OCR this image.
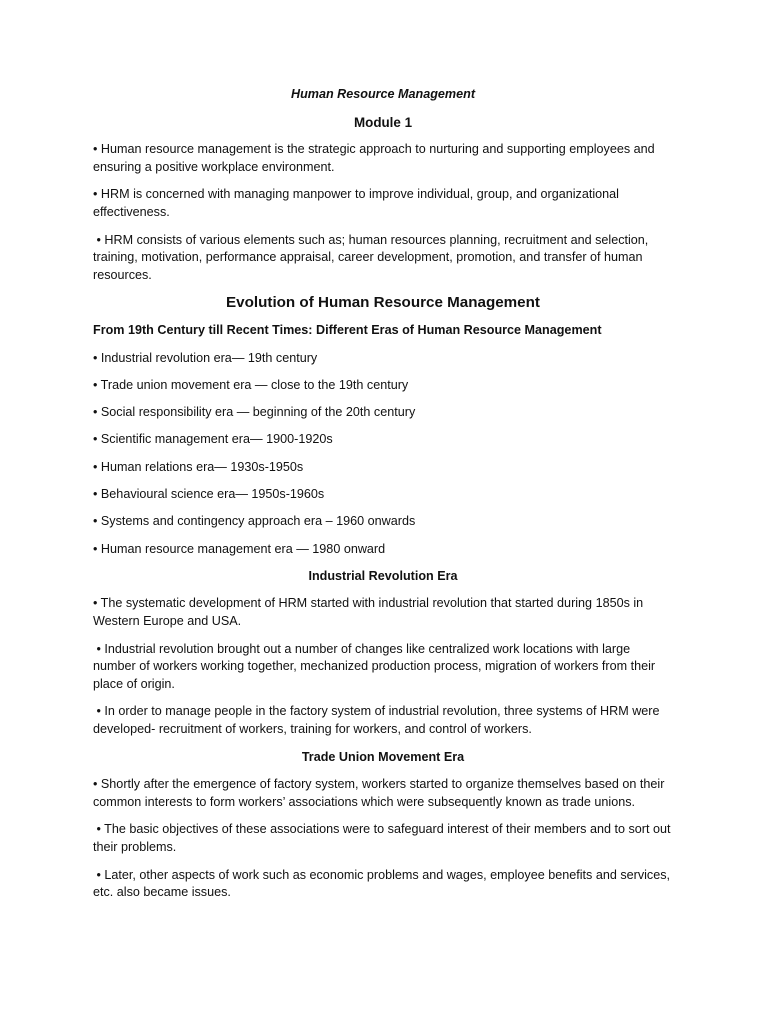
Human Resource Management
Module 1
• Human resource management is the strategic approach to nurturing and supporting employees and ensuring a positive workplace environment.
• HRM is concerned with managing manpower to improve individual, group, and organizational effectiveness.
• HRM consists of various elements such as; human resources planning, recruitment and selection, training, motivation, performance appraisal, career development, promotion, and transfer of human resources.
Evolution of Human Resource Management
From 19th Century till Recent Times: Different Eras of Human Resource Management
• Industrial revolution era— 19th century
• Trade union movement era — close to the 19th century
• Social responsibility era — beginning of the 20th century
• Scientific management era— 1900-1920s
• Human relations era— 1930s-1950s
• Behavioural science era— 1950s-1960s
• Systems and contingency approach era – 1960 onwards
• Human resource management era — 1980 onward
Industrial Revolution Era
• The systematic development of HRM started with industrial revolution that started during 1850s in Western Europe and USA.
• Industrial revolution brought out a number of changes like centralized work locations with large number of workers working together, mechanized production process, migration of workers from their place of origin.
• In order to manage people in the factory system of industrial revolution, three systems of HRM were developed- recruitment of workers, training for workers, and control of workers.
Trade Union Movement Era
• Shortly after the emergence of factory system, workers started to organize themselves based on their common interests to form workers’ associations which were subsequently known as trade unions.
• The basic objectives of these associations were to safeguard interest of their members and to sort out their problems.
• Later, other aspects of work such as economic problems and wages, employee benefits and services, etc. also became issues.
